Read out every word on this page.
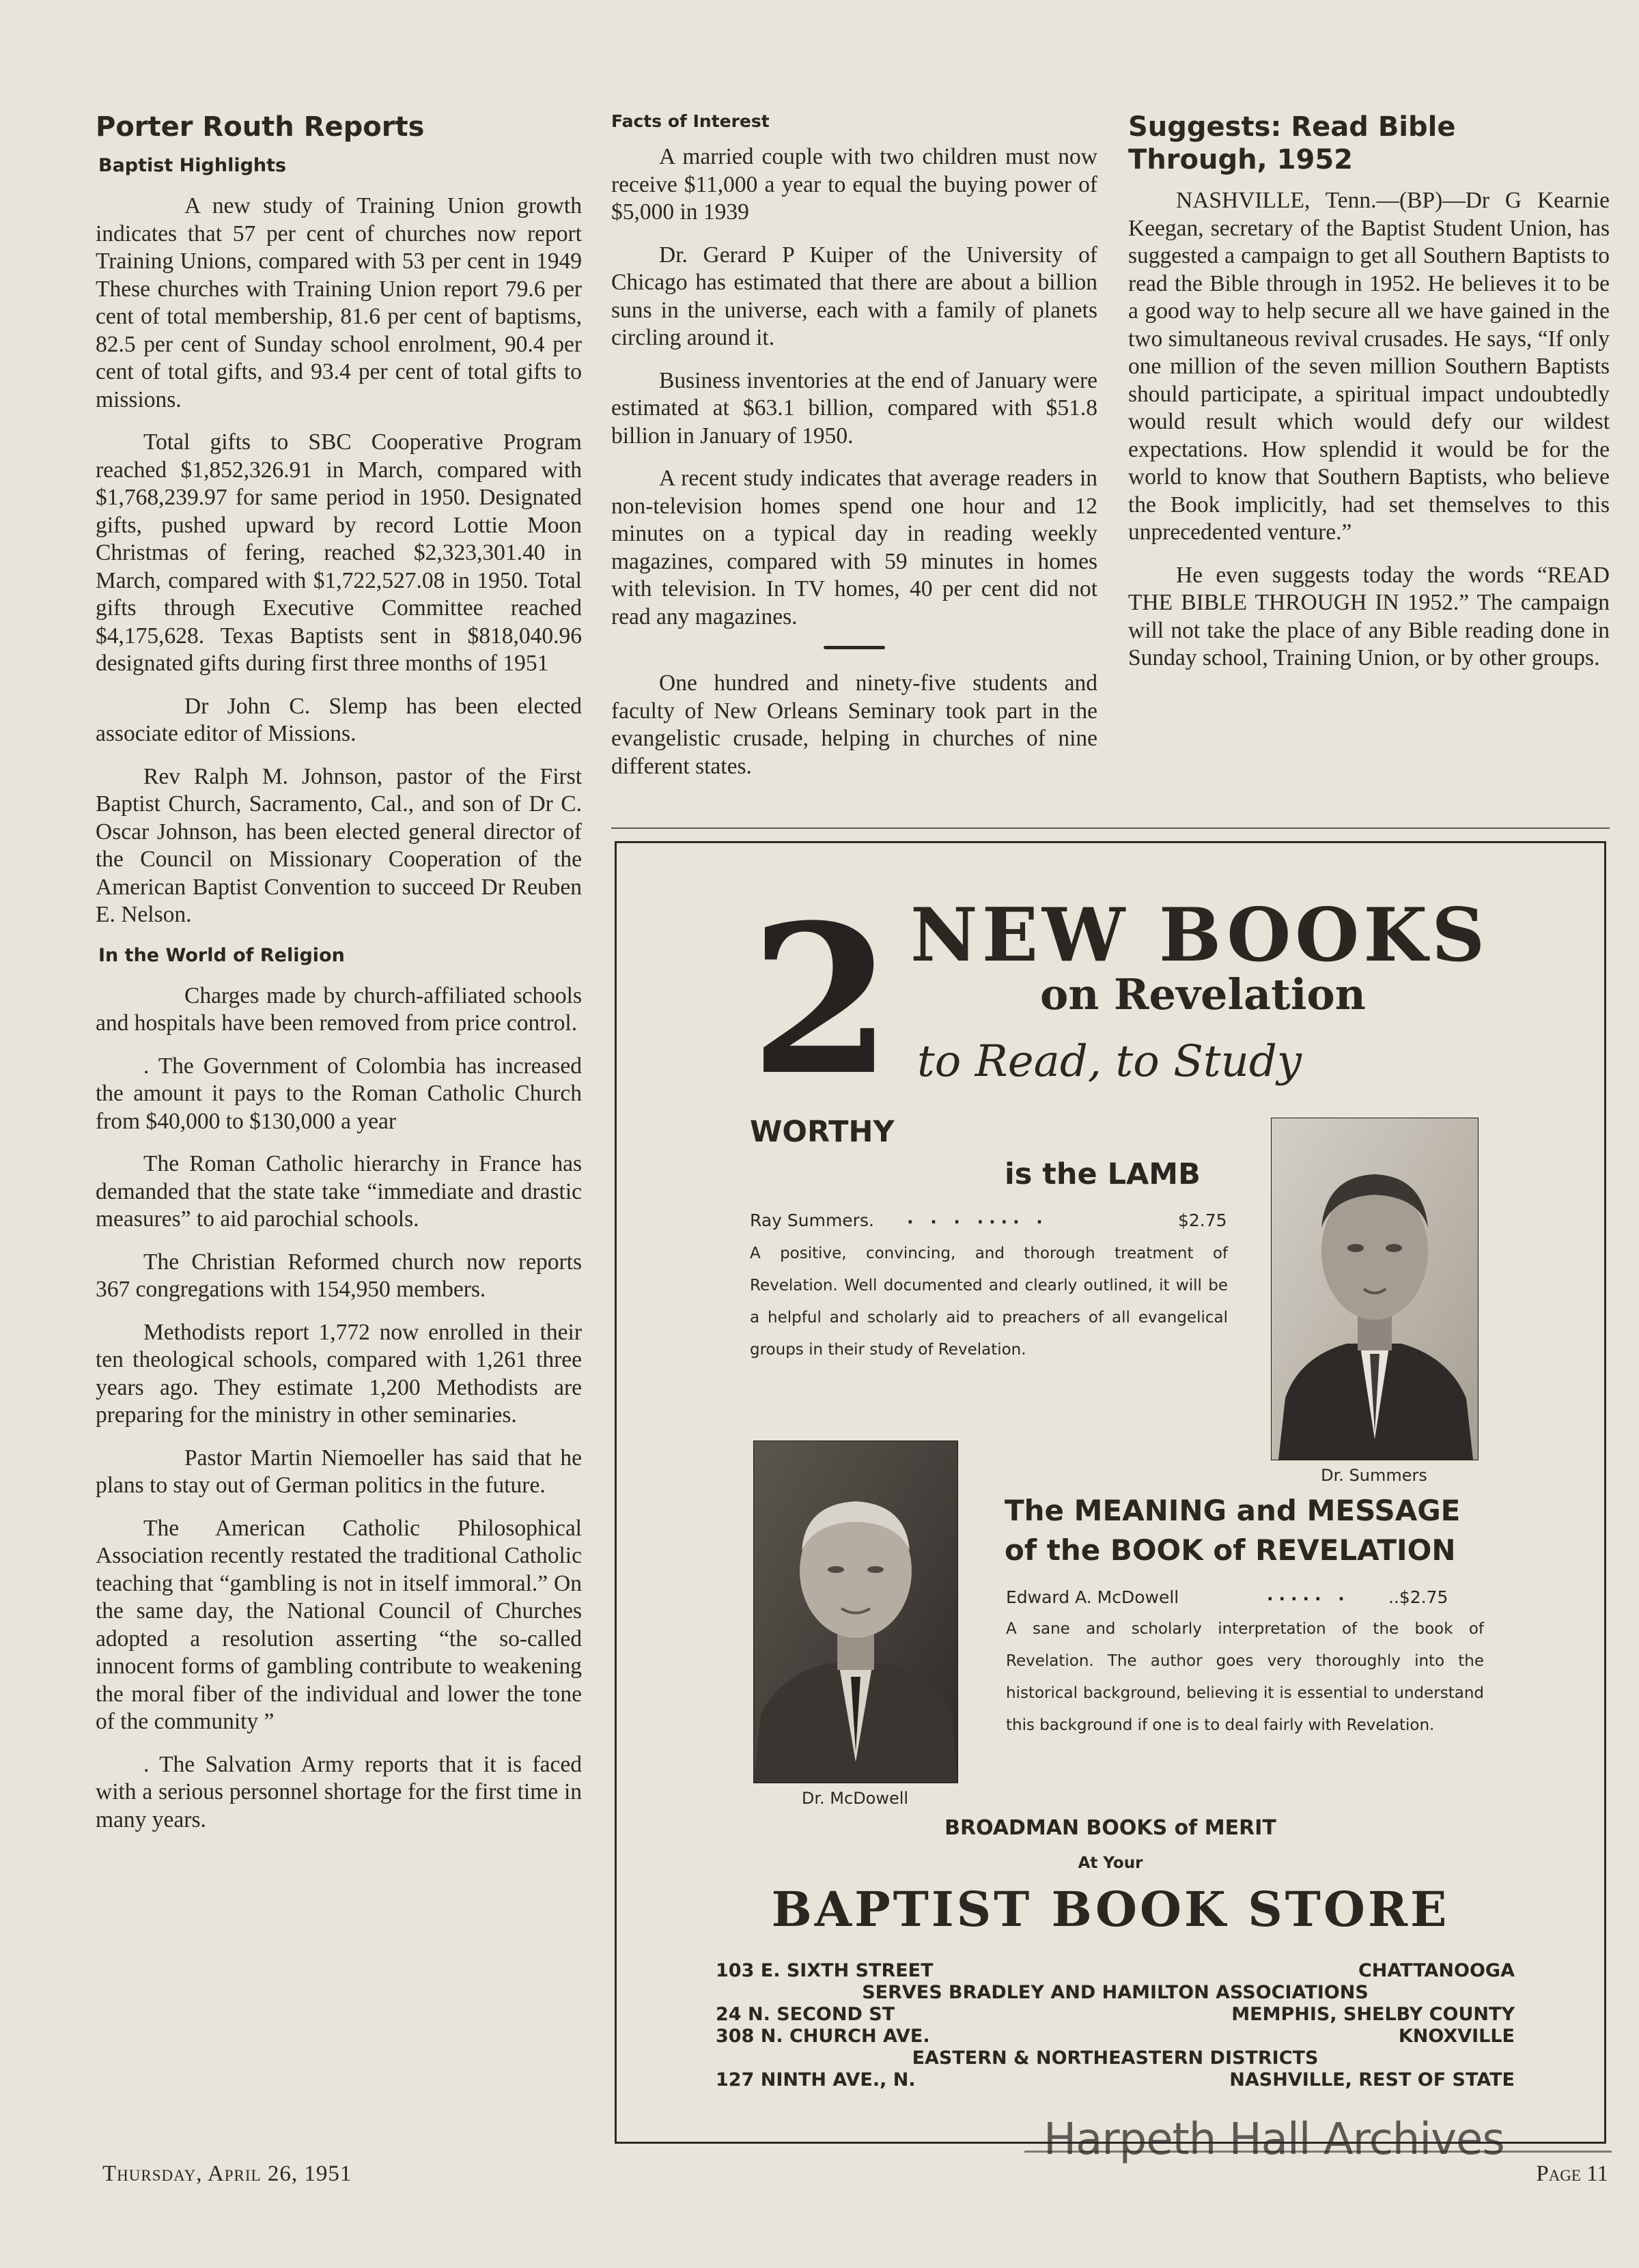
Porter Routh Reports
Baptist Highlights

A new study of Training Union growth indicates that 57 per cent of churches now report Training Unions, compared with 53 per cent in 1949 These churches with Training Union report 79.6 per cent of total membership, 81.6 per cent of baptisms, 82.5 per cent of Sunday school enrolment, 90.4 per cent of total gifts, and 93.4 per cent of total gifts to missions.

Total gifts to SBC Cooperative Program reached $1,852,326.91 in March, compared with $1,768,239.97 for same period in 1950. Designated gifts, pushed upward by record Lottie Moon Christmas of fering, reached $2,323,301.40 in March, compared with $1,722,527.08 in 1950. Total gifts through Executive Committee reached $4,175,628. Texas Baptists sent in $818,040.96 designated gifts during first three months of 1951

Dr John C. Slemp has been elected associate editor of Missions.

Rev Ralph M. Johnson, pastor of the First Baptist Church, Sacramento, Cal., and son of Dr C. Oscar Johnson, has been elected general director of the Council on Missionary Cooperation of the American Baptist Convention to succeed Dr Reuben E. Nelson.

In the World of Religion

Charges made by church-affiliated schools and hospitals have been removed from price control.

. The Government of Colombia has increased the amount it pays to the Roman Catholic Church from $40,000 to $130,000 a year

The Roman Catholic hierarchy in France has demanded that the state take “immediate and drastic measures” to aid parochial schools.

The Christian Reformed church now reports 367 congregations with 154,950 members.

Methodists report 1,772 now enrolled in their ten theological schools, compared with 1,261 three years ago. They estimate 1,200 Methodists are preparing for the ministry in other seminaries.

Pastor Martin Niemoeller has said that he plans to stay out of German politics in the future.

The American Catholic Philosophical Association recently restated the traditional Catholic teaching that “gambling is not in itself immoral.” On the same day, the National Council of Churches adopted a resolution asserting “the so-called innocent forms of gambling contribute to weakening the moral fiber of the individual and lower the tone of the community ”

. The Salvation Army reports that it is faced with a serious personnel shortage for the first time in many years.

Facts of Interest

A married couple with two children must now receive $11,000 a year to equal the buying power of $5,000 in 1939

Dr. Gerard P Kuiper of the University of Chicago has estimated that there are about a billion suns in the universe, each with a family of planets circling around it.

Business inventories at the end of January were estimated at $63.1 billion, compared with $51.8 billion in January of 1950.

A recent study indicates that average readers in non-television homes spend one hour and 12 minutes on a typical day in reading weekly magazines, compared with 59 minutes in homes with television. In TV homes, 40 per cent did not read any magazines.

One hundred and ninety-five students and faculty of New Orleans Seminary took part in the evangelistic crusade, helping in churches of nine different states.

Suggests: Read Bible Through, 1952

NASHVILLE, Tenn.—(BP)—Dr G Kearnie Keegan, secretary of the Baptist Student Union, has suggested a campaign to get all Southern Baptists to read the Bible through in 1952. He believes it to be a good way to help secure all we have gained in the two simultaneous revival crusades. He says, “If only one million of the seven million Southern Baptists should participate, a spiritual impact undoubtedly would result which would defy our wildest expectations. How splendid it would be for the world to know that Southern Baptists, who believe the Book implicitly, had set themselves to this unprecedented venture.”

He even suggests today the words “READ THE BIBLE THROUGH IN 1952.” The campaign will not take the place of any Bible reading done in Sunday school, Training Union, or by other groups.

2 NEW BOOKS
on Revelation
to Read, to Study
WORTHY
is the LAMB
Ray Summers. . . . .... .	$2.75
A positive, convincing, and thorough treatment of Revelation. Well documented and clearly outlined, it will be a helpful and scholarly aid to preachers of all evangelical groups in their study of Revelation.
Dr. Summers
Dr. McDowell
The MEANING and MESSAGE
of the BOOK of REVELATION
Edward A. McDowell	..... . ..$2.75
A sane and scholarly interpretation of the book of Revelation. The author goes very thoroughly into the historical background, believing it is essential to understand this background if one is to deal fairly with Revelation.
BROADMAN BOOKS of MERIT
At Your
BAPTIST BOOK STORE
103 E. SIXTH STREET	CHATTANOOGA
SERVES BRADLEY AND HAMILTON ASSOCIATIONS
24 N. SECOND ST	MEMPHIS, SHELBY COUNTY
308 N. CHURCH AVE.	KNOXVILLE
EASTERN & NORTHEASTERN DISTRICTS
127 NINTH AVE., N.	NASHVILLE, REST OF STATE
Harpeth Hall Archives
Thursday, April 26, 1951	Page 11
